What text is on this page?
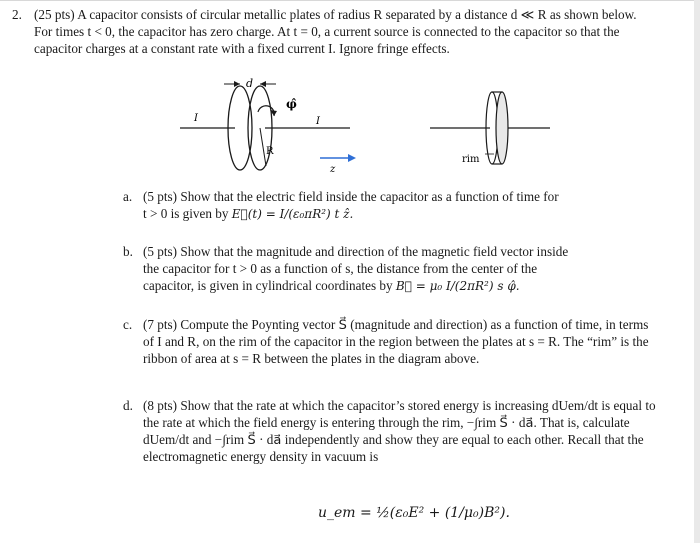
2. (25 pts) A capacitor consists of circular metallic plates of radius R separated by a distance d ≪ R as shown below. For times t < 0, the capacitor has zero charge. At t = 0, a current source is connected to the capacitor so that the capacitor charges at a constant rate with a fixed current I. Ignore fringe effects.

R
d
φ̂
I	I
z
rim
a. (5 pts) Show that the electric field inside the capacitor as a function of time for

t > 0 is given by E⃗(t) = I/(ε₀πR²) t ẑ.

b. (5 pts) Show that the magnitude and direction of the magnetic field vector inside

the capacitor for t > 0 as a function of s, the distance from the center of the

capacitor, is given in cylindrical coordinates by B⃗ = μ₀ I/(2πR²) s φ̂.

c. (7 pts) Compute the Poynting vector S⃗ (magnitude and direction) as a function of time, in terms of I and R, on the rim of the capacitor in the region between the plates at s = R. The “rim” is the ribbon of area at s = R between the plates in the diagram above.

d. (8 pts) Show that the rate at which the capacitor’s stored energy is increasing dUem/dt is equal to the rate at which the field energy is entering through the rim, −∫rim S⃗ · da⃗. That is, calculate dUem/dt and −∫rim S⃗ · da⃗ independently and show they are equal to each other. Recall that the electromagnetic energy density in vacuum is

u_em = ½(ε₀E² + (1/μ₀)B²).
